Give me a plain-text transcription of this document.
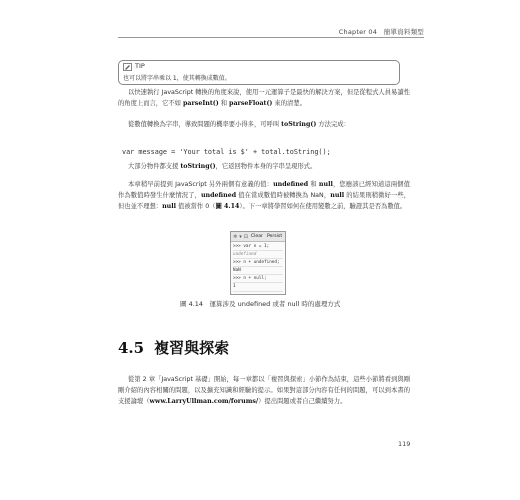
Chapter 04　簡單資料類型
TIP
也可以將字串乘以 1，使其轉換成數值。

以快速執行 JavaScript 轉換的角度來說，使用一元運算子是最快的解決方案，但是從程式人員易讀性的角度上而言，它不如 parseInt() 和 parseFloat() 來的清楚。

從數值轉換為字串，導致問題的機率要小得多，可呼叫 toString() 方法完成：

var message = 'Your total is $' + total.toString();

大部分物件都支援 toString()，它返回物件本身的字串呈現形式。

本章稍早前提到 JavaScript 另外兩個有意義的值：undefined 和 null，您應該已經知道這兩個值作為數值時發生什麼情況了，undefined 值在當成數值時被轉換為 NaN，null 的結果則稍微好一些，但也並不理想：null 值被當作 0（圖 4.14）。下一章將學習如何在使用變數之前，驗證其是否為數值。

✲ ▾ ⊡ Clear Persist
>>> var n = 1;
undefined
>>> n + undefined;
NaN
>>> n + null;
1
圖 4.14　運算涉及 undefined 或者 null 時的處理方式
4.5 複習與探索

從第 2 章「JavaScript 基礎」開始，每一章都以「複習與探索」小節作為結束，這些小節將看到與剛剛介紹的內容相關的問題，以及擴充知識和經驗的提示。如果對這部分內容有任何的問題，可以到本書的支援論壇（www.LarryUllman.com/forums/）提出問題或者自己繼續努力。

119
